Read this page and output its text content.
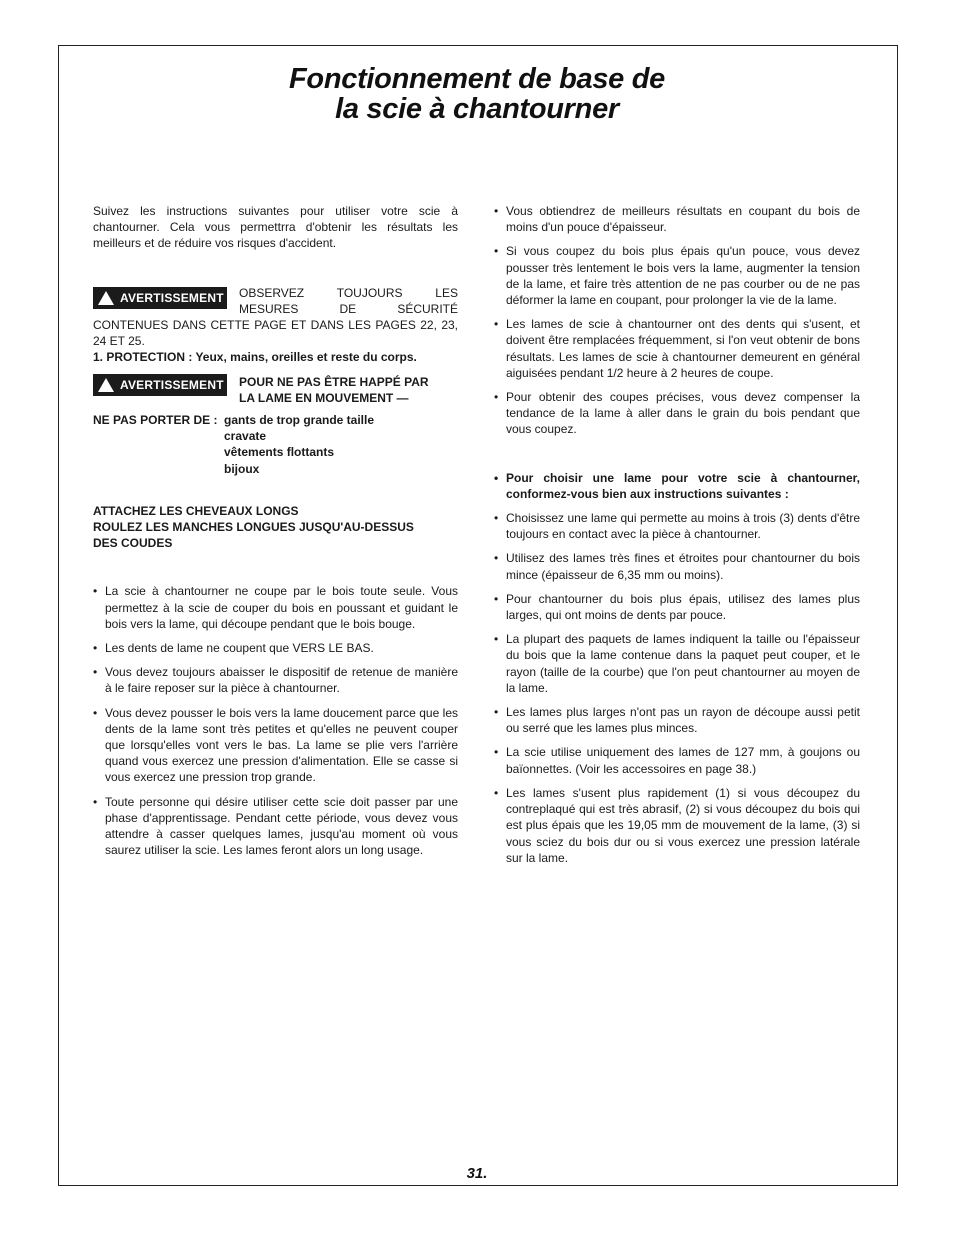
Fonctionnement de base de
la scie à chantourner

Suivez les instructions suivantes pour utiliser votre scie à chantourner. Cela vous permettrra d'obtenir les résultats les meilleurs et de réduire vos risques d'accident.

AVERTISSEMENT	OBSERVEZ TOUJOURS LES MESURES DE SÉCURITÉ CONTENUES DANS CETTE PAGE ET DANS LES PAGES 22, 23, 24 ET 25.

1. PROTECTION : Yeux, mains, oreilles et reste du corps.

AVERTISSEMENT POUR NE PAS ÊTRE HAPPÉ PAR
LA LAME EN MOUVEMENT —
NE PAS PORTER DE : gants de trop grande taille
cravate
vêtements flottants
bijoux
ATTACHEZ LES CHEVEAUX LONGS
ROULEZ LES MANCHES LONGUES JUSQU'AU-DESSUS
DES COUDES
• La scie à chantourner ne coupe par le bois toute seule. Vous permettez à la scie de couper du bois en poussant et guidant le bois vers la lame, qui découpe pendant que le bois bouge.
• Les dents de lame ne coupent que VERS LE BAS.
• Vous devez toujours abaisser le dispositif de retenue de manière à le faire reposer sur la pièce à chantourner.
• Vous devez pousser le bois vers la lame doucement parce que les dents de la lame sont très petites et qu'elles ne peuvent couper que lorsqu'elles vont vers le bas. La lame se plie vers l'arrière quand vous exercez une pression d'alimentation. Elle se casse si vous exercez une pression trop grande.
• Toute personne qui désire utiliser cette scie doit passer par une phase d'apprentissage. Pendant cette période, vous devez vous attendre à casser quelques lames, jusqu'au moment où vous saurez utiliser la scie. Les lames feront alors un long usage.
• Vous obtiendrez de meilleurs résultats en coupant du bois de moins d'un pouce d'épaisseur.
• Si vous coupez du bois plus épais qu'un pouce, vous devez pousser très lentement le bois vers la lame, augmenter la tension de la lame, et faire très attention de ne pas courber ou de ne pas déformer la lame en coupant, pour prolonger la vie de la lame.
• Les lames de scie à chantourner ont des dents qui s'usent, et doivent être remplacées fréquemment, si l'on veut obtenir de bons résultats. Les lames de scie à chantourner demeurent en général aiguisées pendant 1/2 heure à 2 heures de coupe.
• Pour obtenir des coupes précises, vous devez compenser la tendance de la lame à aller dans le grain du bois pendant que vous coupez.
• Pour choisir une lame pour votre scie à chantourner, conformez-vous bien aux instructions suivantes :
• Choisissez une lame qui permette au moins à trois (3) dents d'être toujours en contact avec la pièce à chantourner.
• Utilisez des lames très fines et étroites pour chantourner du bois mince (épaisseur de 6,35 mm ou moins).
• Pour chantourner du bois plus épais, utilisez des lames plus larges, qui ont moins de dents par pouce.
• La plupart des paquets de lames indiquent la taille ou l'épaisseur du bois que la lame contenue dans la paquet peut couper, et le rayon (taille de la courbe) que l'on peut chantourner au moyen de la lame.
• Les lames plus larges n'ont pas un rayon de découpe aussi petit ou serré que les lames plus minces.
• La scie utilise uniquement des lames de 127 mm, à goujons ou baïonnettes. (Voir les accessoires en page 38.)
• Les lames s'usent plus rapidement (1) si vous découpez du contreplaqué qui est très abrasif, (2) si vous découpez du bois qui est plus épais que les 19,05 mm de mouvement de la lame, (3) si vous sciez du bois dur ou si vous exercez une pression latérale sur la lame.
31.
